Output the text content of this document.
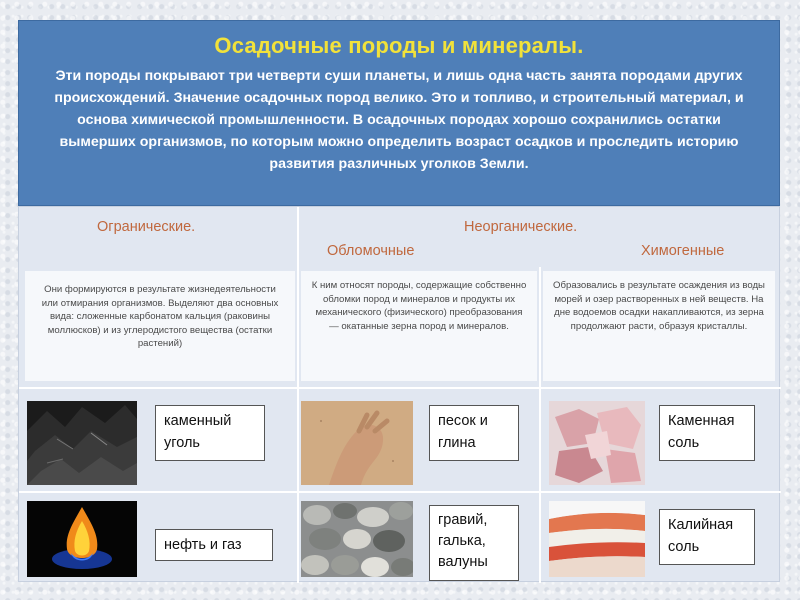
Осадочные породы и минералы.

Эти породы покрывают три четверти суши планеты, и лишь одна часть занята породами других происхождений. Значение осадочных пород велико. Это и топливо, и строительный материал, и основа химической промышленности. В осадочных породах хорошо сохранились остатки вымерших организмов, по которым можно определить возраст осадков и проследить историю развития различных уголков Земли.

Огранические.	Неорганические.
Обломочные	Химогенные
Они формируются в результате жизнедеятельности или отмирания организмов. Выделяют два основных вида: сложенные карбонатом кальция (раковины моллюсков) и из углеродистого вещества (остатки растений)
К ним относят породы, содержащие собственно обломки пород и минералов и продукты их механического (физического) преобразования — окатанные зерна пород и минералов.
Образовались в результате осаждения из воды морей и озер растворенных в ней веществ. На дне водоемов осадки накапливаются, из зерна продолжают расти, образуя кристаллы.
каменный уголь
песок и глина
Каменная соль
нефть и газ
гравий, галька, валуны
Калийная соль
